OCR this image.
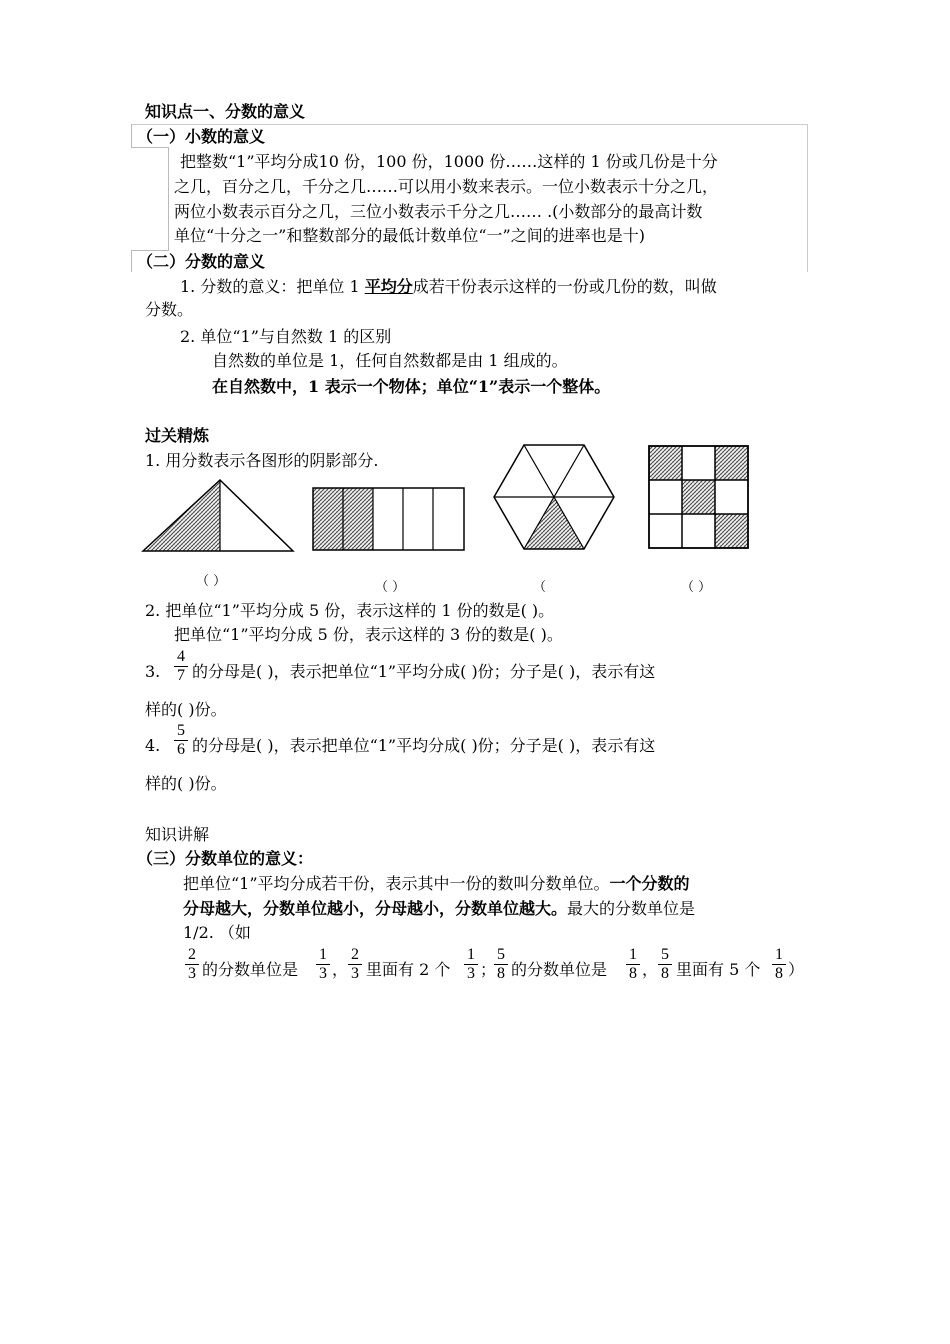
知识点一、分数的意义
（一）小数的意义
把整数“1”平均分成10 份，100 份，1000 份……这样的 1 份或几份是十分
之几，百分之几，千分之几……可以用小数来表示。一位小数表示十分之几，
两位小数表示百分之几，三位小数表示千分之几…… .(小数部分的最高计数
单位“十分之一”和整数部分的最低计数单位“一”之间的进率也是十)
（二）分数的意义
1. 分数的意义：把单位 1 平均分成若干份表示这样的一份或几份的数，叫做
分数。
2. 单位“1”与自然数 1 的区别
自然数的单位是 1，任何自然数都是由 1 组成的。
在自然数中，1 表示一个物体；单位“1”表示一个整体。
过关精炼
1. 用分数表示各图形的阴影部分.
（ ）	（ ）	（	（ ）
2. 把单位“1”平均分成 5 份，表示这样的 1 份的数是( )。
把单位“1”平均分成 5 份，表示这样的 3 份的数是( )。
3.
4
7 的分母是( )，表示把单位“1”平均分成( )份；分子是( )，表示有这
样的( )份。
4.
5
6 的分母是( )，表示把单位“1”平均分成( )份；分子是( )，表示有这
样的( )份。
知识讲解
（三）分数单位的意义：
把单位“1”平均分成若干份，表示其中一份的数叫分数单位。一个分数的
分母越大，分数单位越小，分母越小，分数单位越大。最大的分数单位是
1/2. （如
2
3 的分数单位是
1
3 ，
2
3 里面有 2 个
1
3 ；
5
8 的分数单位是
1
8 ，
5
8 里面有 5 个
1
8 ）
